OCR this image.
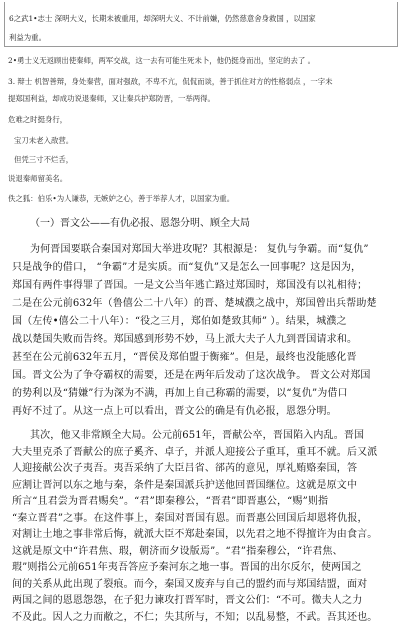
6之武1•志士 深明大义，长期未被重用，却深明大义、不计前嫌，仍然慈意舍身救国 ，以国家
利益为重。
2•勇士义无返顾出使秦师，两军交战，这一去有可能生死未卜，他仍挺身而出，坚定的去了 。
3. 辩士 机智善辩，身处秦营，面对强敌，不卑不亢，侃侃而谈，善于抓住对方的性格弱点 ，一字未
提郑国利益，却成功说退秦师，又让秦兵护郑防晋，一举两得。
危难之时挺身行，
宝刀未老入敌营。
但凭三寸不烂舌，
说退秦师留美名。
佚之狐：伯乐•为人谦恭，无嫉妒之心，善于举荐人才，以国家为重。
（一）晋文公——有仇必报、恩怨分明、顾全大局
为何晋国要联合秦国对郑国大举进攻呢？其根源是： 复仇与争霸。而“复仇”
只是战争的借口， “争霸”才是实质。而“复仇”又是怎么一回事呢？这是因为，
郑国有两件事得罪了晋国。一是文公当年逃亡路过郑国时，郑国没有以礼相待；
二是在公元前632年（鲁僖公二十八年）的晋、楚城濮之战中，郑国曾出兵帮助楚
国（左传•僖公二十八年）：“役之三月，郑伯如楚致其师” ）。结果，城濮之
战以楚国失败而告终。郑国感到形势不妙，马上派大夫子人九到晋国请求和。
甚至在公元前632年五月，“晋侯及郑伯盟于衡雍”。但是，最终也没能感化晋
国。晋文公为了争夺霸权的需要，还是在两年后发动了这次战争。 晋文公对郑国
的势利以及“猜嫌”行为深为不满，再加上自己称霸的需要，以“复仇”为借口
再好不过了。从这一点上可以看出，晋文公的确是有仇必报，恩怨分明。
其次，他又非常顾全大局。公元前651年，晋献公卒，晋国陷入内乱。晋国
大夫里克杀了晋献公的庶子奚齐、卓子，并派人迎接公子重耳，重耳不就。后又派
人迎接献公次子夷吾。夷吾采纳了大臣吕省、郤芮的意见，厚礼贿赂秦国，答
应割让晋河以东之地与秦，条件是秦国派兵护送他回晋国继位。这就是原文中
所言“且君尝为晋君赐矣”。“君”即秦穆公，“晋君”即晋惠公，“赐”则指
“秦立晋君”之事。在这件事上，秦国对晋国有恩。而晋惠公回国后却恩将仇报，
对割让土地之事非常后悔，就派大臣不郑赴秦国，以先君之地不得擅许为由食言。
这就是原文中“许君焦、瑕，朝济而夕设版焉”。“君”指秦穆公，“许君焦、
瑕”则指公元前651年夷吾答应予秦河东之地一事。晋国的出尔反尔，使两国之
间的关系从此出现了裂痕。而今，秦国又废弃与自己的盟约而与郑国结盟，面对
两国之间的恩恩怨怨，在子犯力谏攻打晋军时，晋文公们：“不可。微夫人之力
不及此。因人之力而敝之，不仁；失其所与，不知；以乱易整，不武。吾其还也。
